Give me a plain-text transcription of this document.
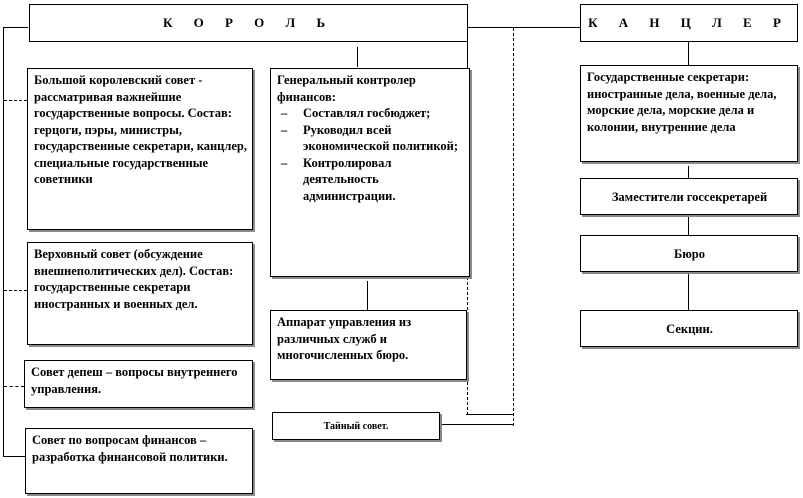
К О Р О Л Ь	К А Н Ц Л Е Р

Большой королевский совет - рассматривая важнейшие государственные вопросы. Состав: герцоги, пэры, министры, государственные секретари, канцлер, специальные государственные советники

Верховный совет (обсуждение внешнеполитических дел). Состав: государственные секретари иностранных и военных дел.

Совет депеш – вопросы внутреннего управления.

Совет по вопросам финансов – разработка финансовой политики.

Генеральный контролер финансов:

– Составлял госбюджет;
– Руководил всей экономической политикой;
– Контролировал деятельность администрации.

Аппарат управления из различных служб и многочисленных бюро.

Тайный совет.

Государственные секретари: иностранные дела, военные дела, морские дела, морские дела и колонии, внутренние дела

Заместители госсекретарей

Бюро

Секции.
